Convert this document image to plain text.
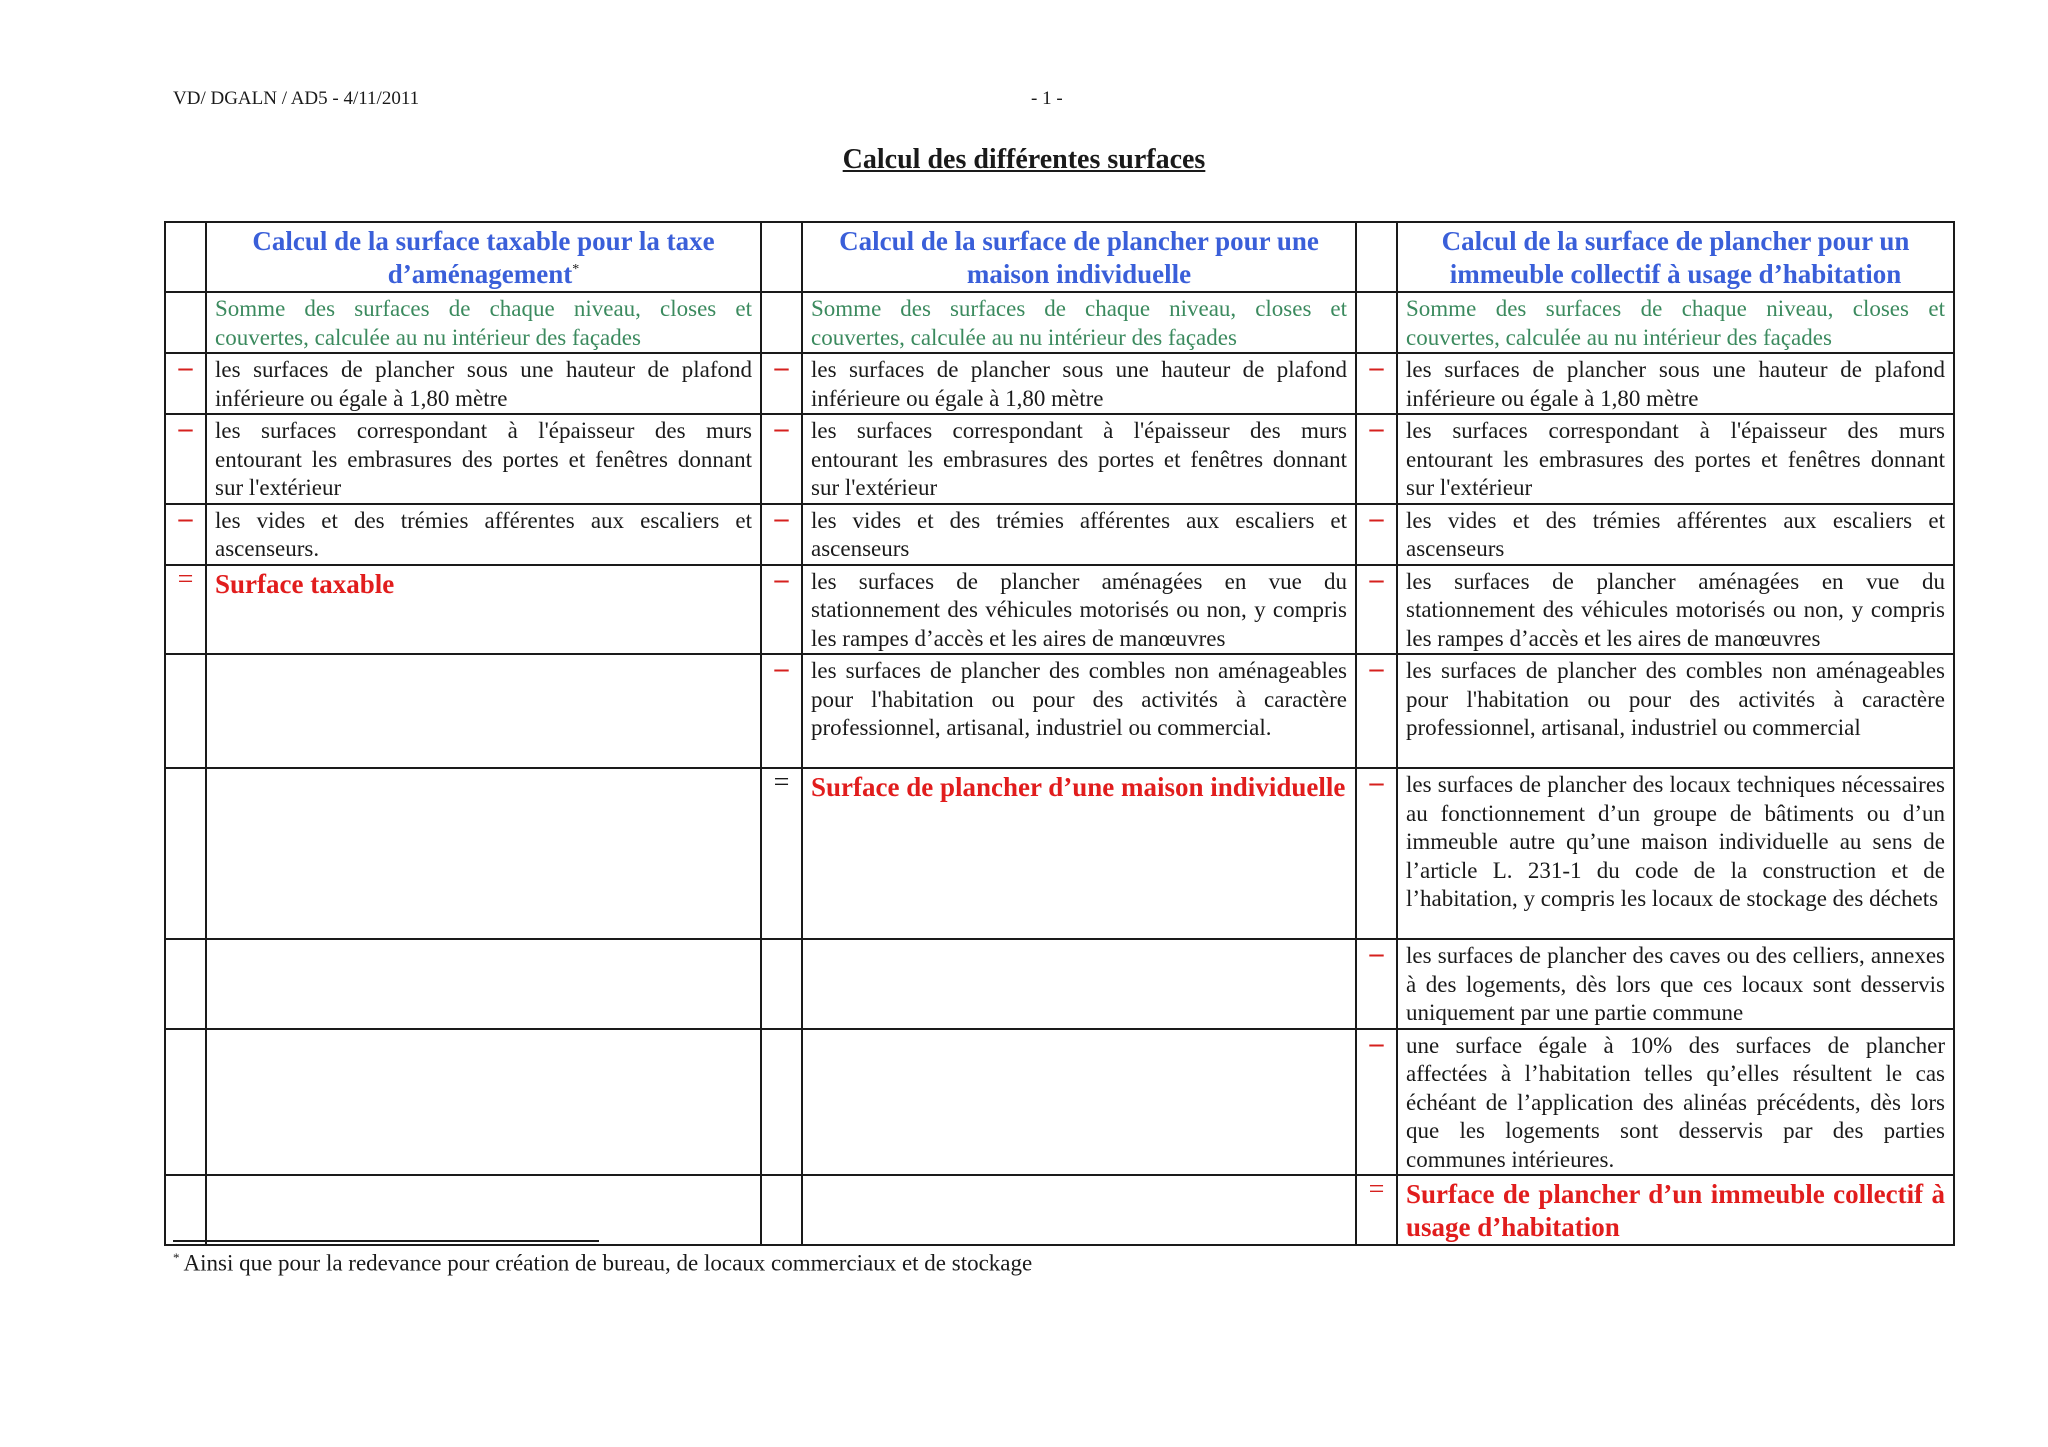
VD/ DGALN / AD5 - 4/11/2011	- 1 -
Calcul des différentes surfaces

	Calcul de la surface taxable pour la taxe d’aménagement*		Calcul de la surface de plancher pour une maison individuelle		Calcul de la surface de plancher pour un immeuble collectif à usage d’habitation

	Somme des surfaces de chaque niveau, closes et couvertes, calculée au nu intérieur des façades		Somme des surfaces de chaque niveau, closes et couvertes, calculée au nu intérieur des façades		Somme des surfaces de chaque niveau, closes et couvertes, calculée au nu intérieur des façades
–	les surfaces de plancher sous une hauteur de plafond inférieure ou égale à 1,80 mètre	–	les surfaces de plancher sous une hauteur de plafond inférieure ou égale à 1,80 mètre	–	les surfaces de plancher sous une hauteur de plafond inférieure ou égale à 1,80 mètre
–	les surfaces correspondant à l'épaisseur des murs entourant les embrasures des portes et fenêtres donnant sur l'extérieur	–	les surfaces correspondant à l'épaisseur des murs entourant les embrasures des portes et fenêtres donnant sur l'extérieur	–	les surfaces correspondant à l'épaisseur des murs entourant les embrasures des portes et fenêtres donnant sur l'extérieur
–	les vides et des trémies afférentes aux escaliers et ascenseurs.	–	les vides et des trémies afférentes aux escaliers et ascenseurs	–	les vides et des trémies afférentes aux escaliers et ascenseurs
=	Surface taxable	–	les surfaces de plancher aménagées en vue du stationnement des véhicules motorisés ou non, y compris les rampes d’accès et les aires de manœuvres	–	les surfaces de plancher aménagées en vue du stationnement des véhicules motorisés ou non, y compris les rampes d’accès et les aires de manœuvres
		–	les surfaces de plancher des combles non aménageables pour l'habitation ou pour des activités à caractère professionnel, artisanal, industriel ou commercial.	–	les surfaces de plancher des combles non aménageables pour l'habitation ou pour des activités à caractère professionnel, artisanal, industriel ou commercial
		=	Surface de plancher d’une maison individuelle	–	les surfaces de plancher des locaux techniques nécessaires au fonctionnement d’un groupe de bâtiments ou d’un immeuble autre qu’une maison individuelle au sens de l’article L. 231-1 du code de la construction et de l’habitation, y compris les locaux de stockage des déchets
				–	les surfaces de plancher des caves ou des celliers, annexes à des logements, dès lors que ces locaux sont desservis uniquement par une partie commune
				–	une surface égale à 10% des surfaces de plancher affectées à l’habitation telles qu’elles résultent le cas échéant de l’application des alinéas précédents, dès lors que les logements sont desservis par des parties communes intérieures.
				=	Surface de plancher d’un immeuble collectif à usage d’habitation
* Ainsi que pour la redevance pour création de bureau, de locaux commerciaux et de stockage
